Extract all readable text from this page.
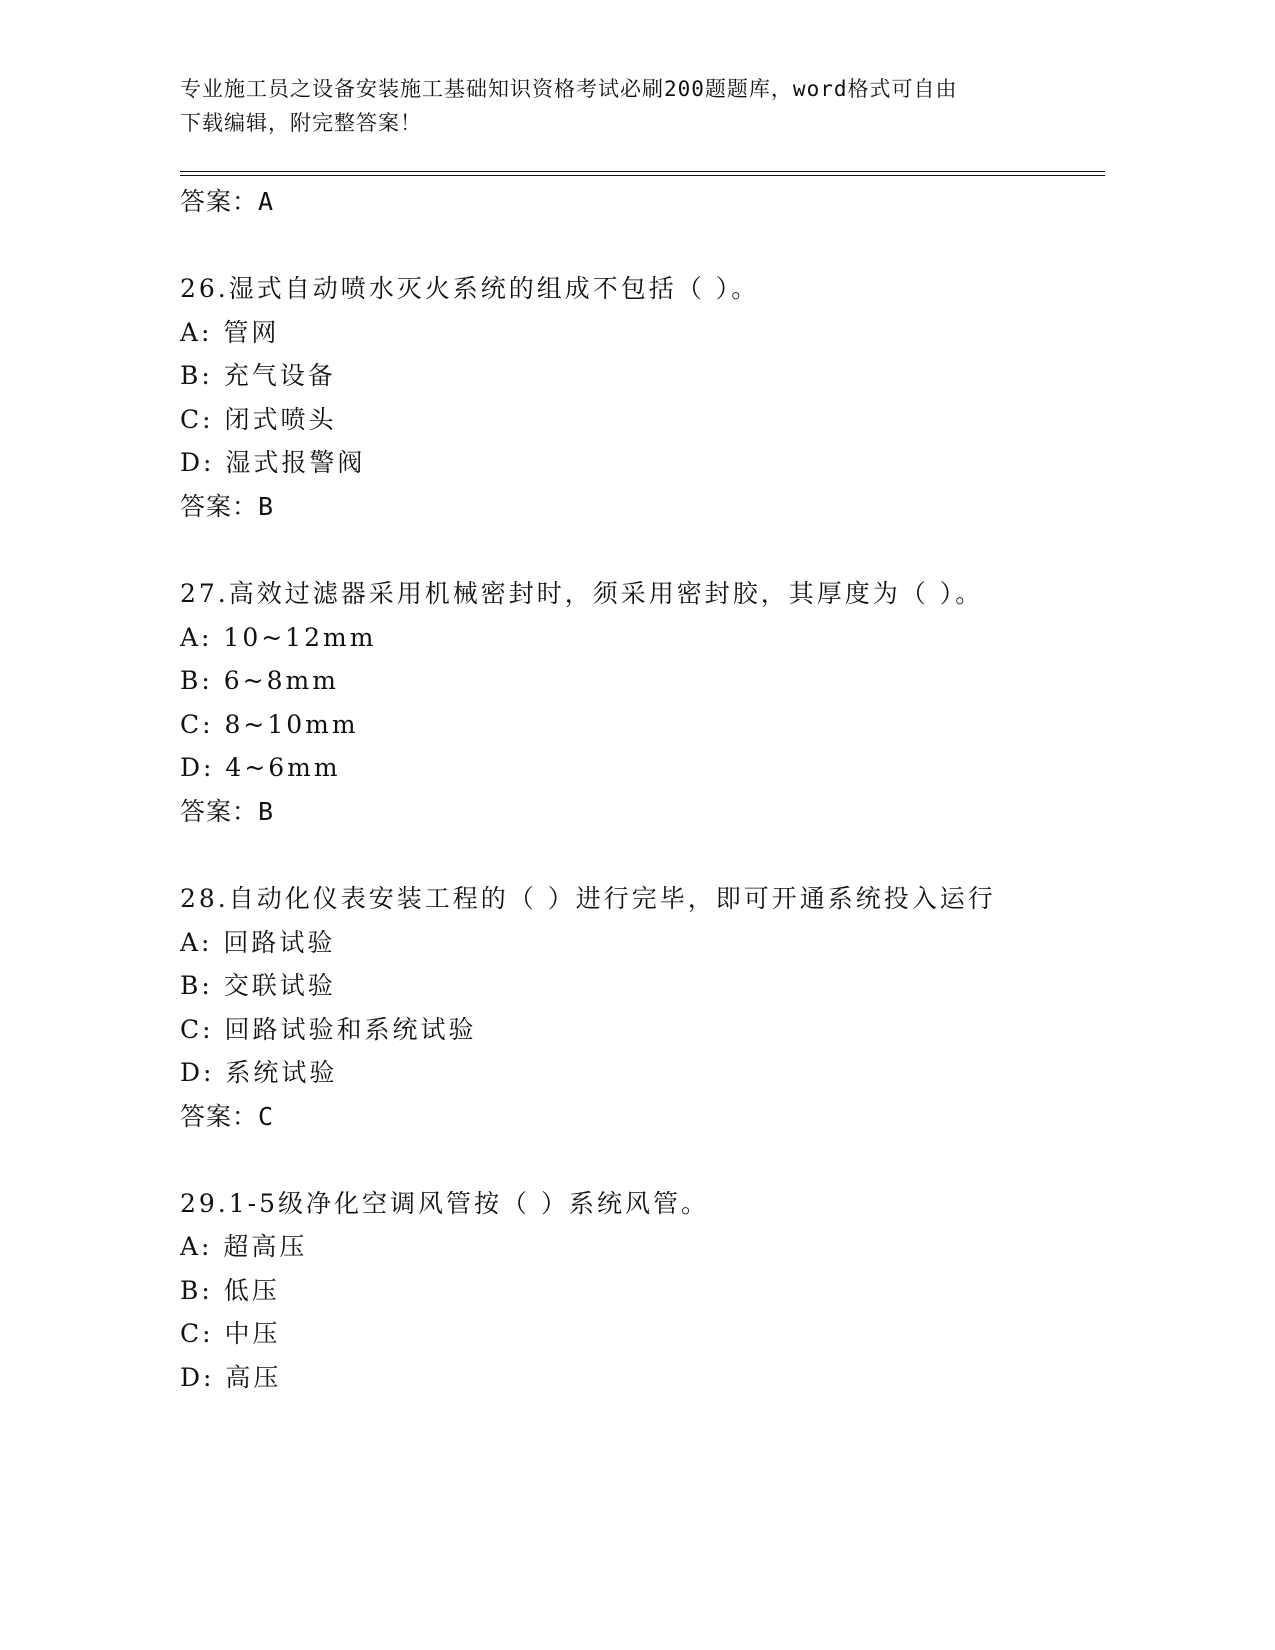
专业施工员之设备安装施工基础知识资格考试必刷200题题库，word格式可自由
下载编辑，附完整答案！
答案：A
26.湿式自动喷水灭火系统的组成不包括（ ）。
A: 管网
B: 充气设备
C: 闭式喷头
D: 湿式报警阀
答案：B
27.高效过滤器采用机械密封时，须采用密封胶，其厚度为（ ）。
A: 10~12mm
B: 6~8mm
C: 8~10mm
D: 4~6mm
答案：B
28.自动化仪表安装工程的（ ）进行完毕，即可开通系统投入运行
A: 回路试验
B: 交联试验
C: 回路试验和系统试验
D: 系统试验
答案：C
29.1-5级净化空调风管按（ ）系统风管。
A: 超高压
B: 低压
C: 中压
D: 高压
